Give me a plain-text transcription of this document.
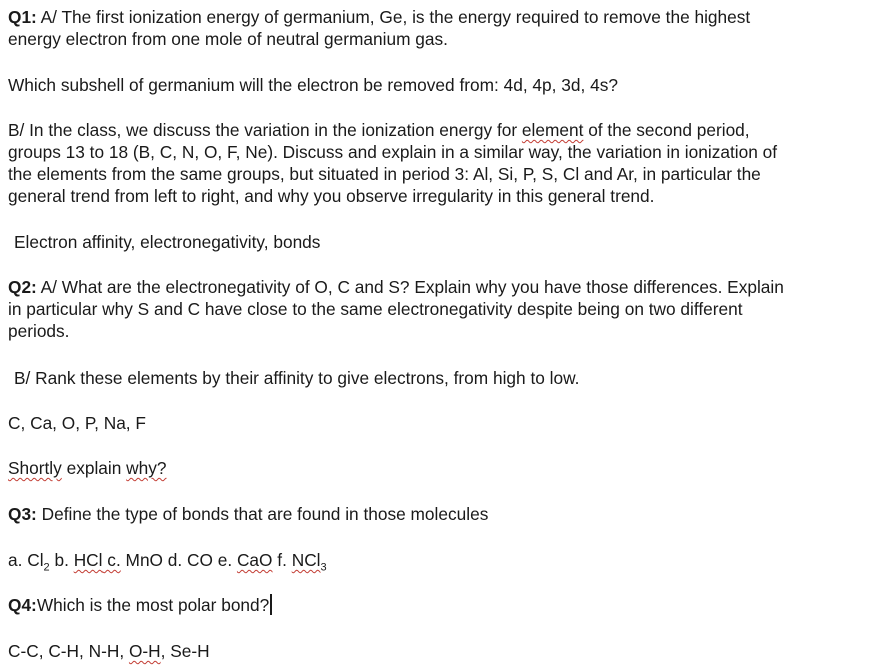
Q1: A/ The first ionization energy of germanium, Ge, is the energy required to remove the highest
energy electron from one mole of neutral germanium gas.
Which subshell of germanium will the electron be removed from: 4d, 4p, 3d, 4s?
B/ In the class, we discuss the variation in the ionization energy for element of the second period,
groups 13 to 18 (B, C, N, O, F, Ne). Discuss and explain in a similar way, the variation in ionization of
the elements from the same groups, but situated in period 3: Al, Si, P, S, Cl and Ar, in particular the
general trend from left to right, and why you observe irregularity in this general trend.
Electron affinity, electronegativity, bonds
Q2: A/ What are the electronegativity of O, C and S? Explain why you have those differences. Explain
in particular why S and C have close to the same electronegativity despite being on two different
periods.
B/ Rank these elements by their affinity to give electrons, from high to low.
C, Ca, O, P, Na, F
Shortly explain why?
Q3: Define the type of bonds that are found in those molecules
a. $Cl_2$ b. HCl c. MnO d. CO e. CaO f. NCl$_3$
Q4:Which is the most polar bond?
C-C, C-H, N-H, O-H, Se-H
